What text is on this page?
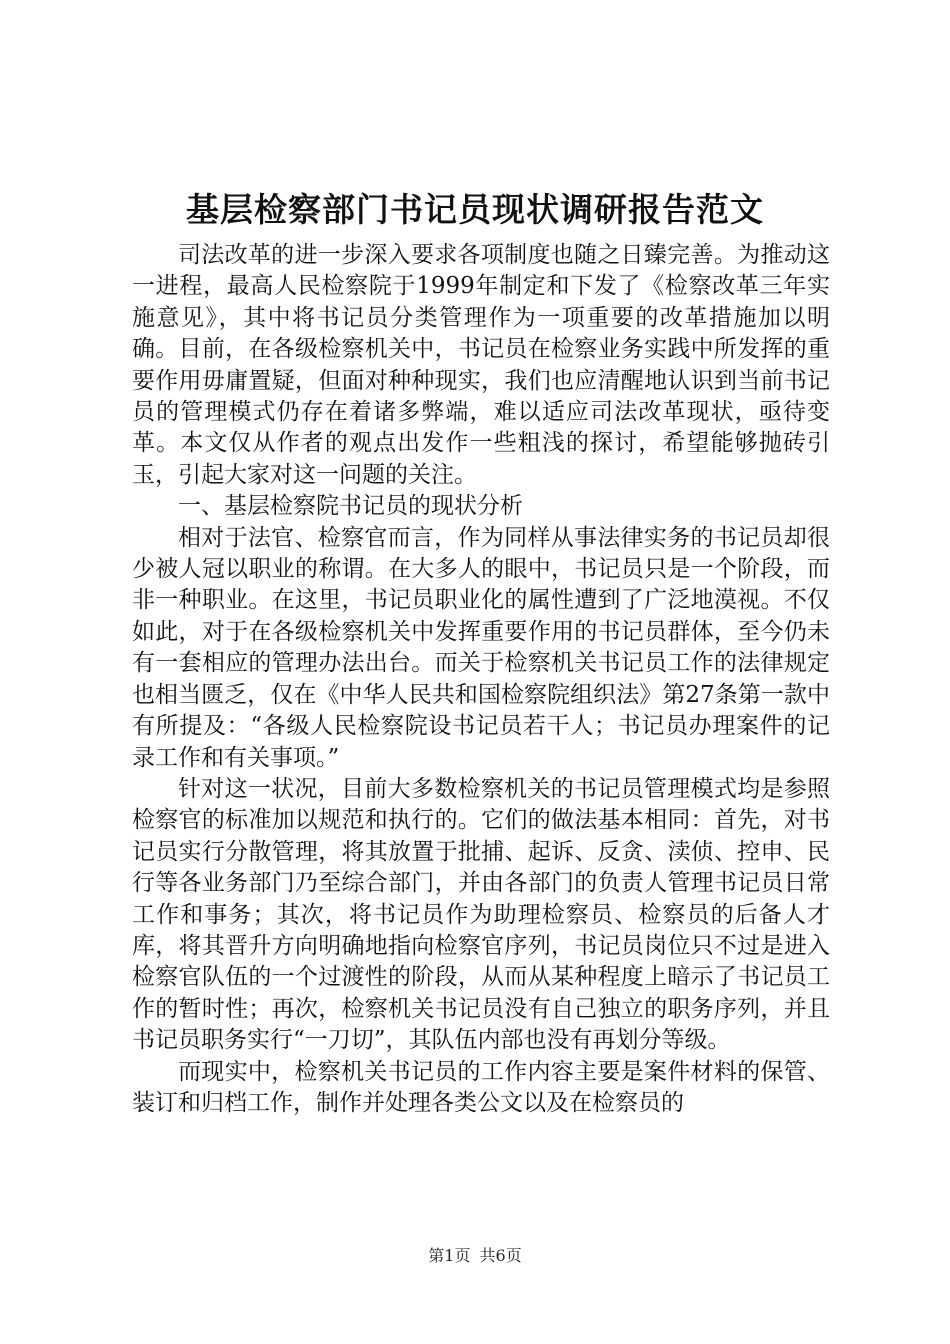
基层检察部门书记员现状调研报告范文

司法改革的进一步深入要求各项制度也随之日臻完善。为推动这一进程，最高人民检察院于1999年制定和下发了《检察改革三年实施意见》，其中将书记员分类管理作为一项重要的改革措施加以明确。目前，在各级检察机关中，书记员在检察业务实践中所发挥的重要作用毋庸置疑，但面对种种现实，我们也应清醒地认识到当前书记员的管理模式仍存在着诸多弊端，难以适应司法改革现状，亟待变革。本文仅从作者的观点出发作一些粗浅的探讨，希望能够抛砖引玉，引起大家对这一问题的关注。

一、基层检察院书记员的现状分析

相对于法官、检察官而言，作为同样从事法律实务的书记员却很少被人冠以职业的称谓。在大多人的眼中，书记员只是一个阶段，而非一种职业。在这里，书记员职业化的属性遭到了广泛地漠视。不仅如此，对于在各级检察机关中发挥重要作用的书记员群体，至今仍未有一套相应的管理办法出台。而关于检察机关书记员工作的法律规定也相当匮乏，仅在《中华人民共和国检察院组织法》第27条第一款中有所提及：“各级人民检察院设书记员若干人；书记员办理案件的记录工作和有关事项。”

针对这一状况，目前大多数检察机关的书记员管理模式均是参照检察官的标准加以规范和执行的。它们的做法基本相同：首先，对书记员实行分散管理，将其放置于批捕、起诉、反贪、渎侦、控申、民行等各业务部门乃至综合部门，并由各部门的负责人管理书记员日常工作和事务；其次，将书记员作为助理检察员、检察员的后备人才库，将其晋升方向明确地指向检察官序列，书记员岗位只不过是进入检察官队伍的一个过渡性的阶段，从而从某种程度上暗示了书记员工作的暂时性；再次，检察机关书记员没有自己独立的职务序列，并且书记员职务实行“一刀切”，其队伍内部也没有再划分等级。

而现实中，检察机关书记员的工作内容主要是案件材料的保管、装订和归档工作，制作并处理各类公文以及在检察员的

第1页 共6页
